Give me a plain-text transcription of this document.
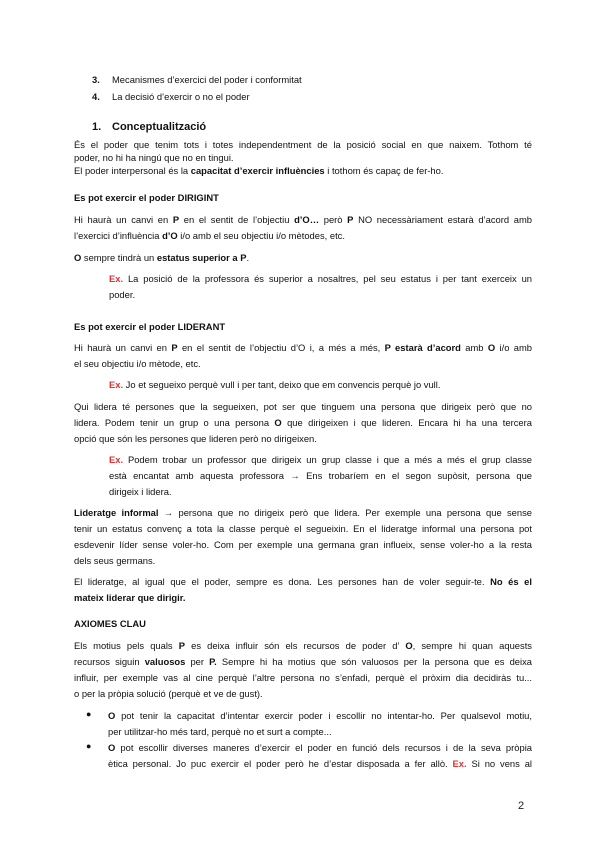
3. Mecanismes d’exercici del poder i conformitat
4. La decisió d’exercir o no el poder
1. Conceptualització
És el poder que tenim tots i totes independentment de la posició social en que naixem. Tothom té
poder, no hi ha ningú que no en tingui.
El poder interpersonal és la capacitat d’exercir influències i tothom és capaç de fer-ho.
Es pot exercir el poder DIRIGINT
Hi haurà un canvi en P en el sentit de l’objectiu d’O… però P NO necessàriament estarà d’acord amb
l’exercici d’influència d’O i/o amb el seu objectiu i/o mètodes, etc.
O sempre tindrà un estatus superior a P.
Ex. La posició de la professora és superior a nosaltres, pel seu estatus i per tant exerceix un
poder.
Es pot exercir el poder LIDERANT
Hi haurà un canvi en P en el sentit de l’objectiu d’O i, a més a més, P estarà d’acord amb O i/o amb
el seu objectiu i/o mètode, etc.
Ex. Jo et segueixo perquè vull i per tant, deixo que em convencis perquè jo vull.
Qui lidera té persones que la segueixen, pot ser que tinguem una persona que dirigeix però que no
lidera. Podem tenir un grup o una persona O que dirigeixen i que lideren. Encara hi ha una tercera
opció que són les persones que lideren però no dirigeixen.
Ex. Podem trobar un professor que dirigeix un grup classe i que a més a més el grup classe
està encantat amb aquesta professora → Ens trobaríem en el segon supòsit, persona que
dirigeix i lidera.
Lideratge informal → persona que no dirigeix però que lidera. Per exemple una persona que sense
tenir un estatus convenç a tota la classe perquè el segueixin. En el lideratge informal una persona pot
esdevenir líder sense voler-ho. Com per exemple una germana gran influeix, sense voler-ho a la resta
dels seus germans.
El lideratge, al igual que el poder, sempre es dona. Les persones han de voler seguir-te. No és el
mateix liderar que dirigir.
AXIOMES CLAU
Els motius pels quals P es deixa influir són els recursos de poder d’ O, sempre hi quan aquests
recursos siguin valuosos per P. Sempre hi ha motius que són valuosos per la persona que es deixa
influir, per exemple vas al cine perquè l’altre persona no s’enfadi, perquè el pròxim dia decidiràs tu...
o per la pròpia solució (perquè et ve de gust).
● O pot tenir la capacitat d’intentar exercir poder i escollir no intentar-ho. Per qualsevol motiu,
per utilitzar-ho més tard, perquè no et surt a compte...
● O pot escollir diverses maneres d’exercir el poder en funció dels recursos i de la seva pròpia
ètica personal. Jo puc exercir el poder però he d’estar disposada a fer allò. Ex. Si no vens al
2
